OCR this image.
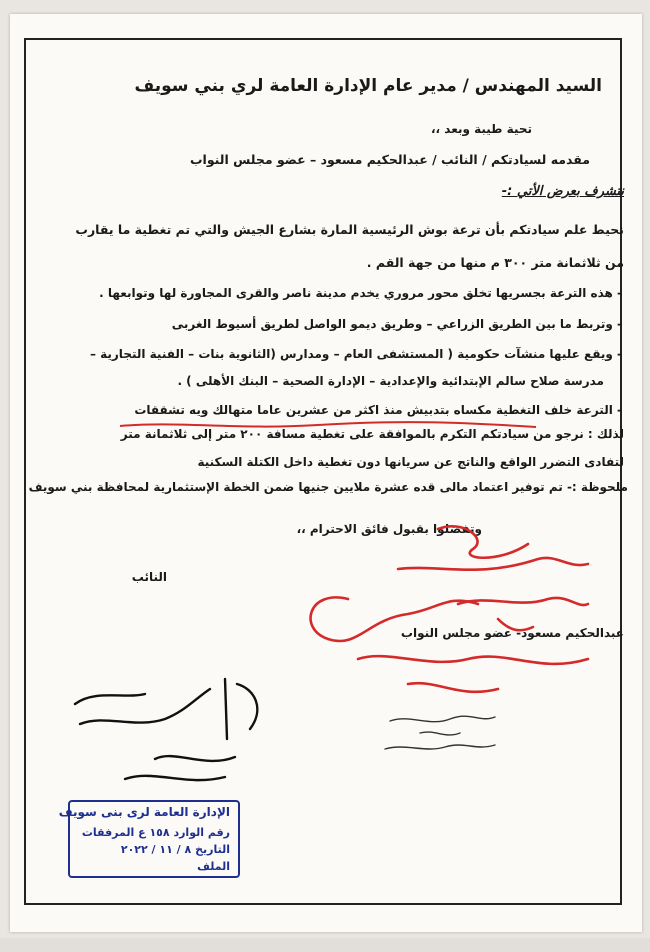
السيد المهندس / مدير عام الإدارة العامة لري بني سويف
تحية طيبة وبعد ،،
مقدمه لسيادتكم / النائب / عبدالحكيم مسعود – عضو مجلس النواب
نتشرف بعرض الأتي :-
نحيط علم سيادتكم بأن ترعة بوش الرئيسية المارة بشارع الجيش والتي تم تغطية ما يقارب
من ثلاثمانة متر ٣٠٠ م منها من جهة القم .
- هذه الترعة بجسريها تخلق محور مروري يخدم مدينة ناصر والقرى المجاورة لها وتوابعها .
- وتربط ما بين الطريق الزراعي – وطريق ديمو الواصل لطريق أسيوط الغربى
- ويقع عليها منشآت حكومية ( المستشفى العام – ومدارس (الثانوية بنات – الفنية التجارية –
مدرسة صلاح سالم الإبتدائية والإعدادية – الإدارة الصحية – البنك الأهلى ) .
- الترعة خلف التغطية مكساه بتدبيش منذ اكثر من عشرين عاما متهالك ويه تشققات
لذلك : نرجو من سيادتكم التكرم بالموافقة على تغطية مسافة ٢٠٠ متر إلى ثلاثمانة متر
لتفادى التضرر الواقع والناتج عن سريانها دون تغطية داخل الكتلة السكنية
ملحوظة :- تم توفير اعتماد مالى قده عشرة ملايين جنيها ضمن الخطة الإستثمارية لمحافظة بني سويف
وتفضلوا بقبول فائق الاحترام ،،
النائب
عبدالحكيم مسعود- عضو مجلس النواب
الإدارة العامة لرى بنى سويف
رقم الوارد ١٥٨ ع المرفقات
التاريخ ٨ / ١١ / ٢٠٢٢
الملف
